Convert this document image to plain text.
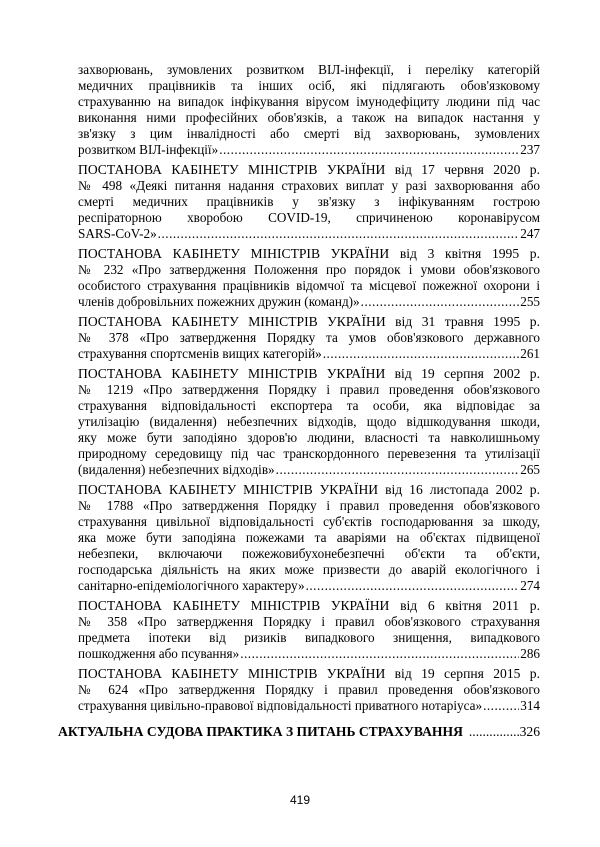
захворювань, зумовлених розвитком ВІЛ-інфекції, і переліку категорій
медичних працівників та інших осіб, які підлягають обов'язковому
страхуванню на випадок інфікування вірусом імунодефіциту людини під час
виконання ними професійних обов'язків, а також на випадок настання у
зв'язку з цим інвалідності або смерті від захворювань, зумовлених
розвитком ВІЛ-інфекції» .....	237
ПОСТАНОВА КАБІНЕТУ МІНІСТРІВ УКРАЇНИ від 17 червня 2020 р.
№ 498 «Деякі питання надання страхових виплат у разі захворювання або
смерті медичних працівників у зв'язку з інфікуванням гострою
респіраторною хворобою COVID-19, спричиненою коронавірусом
SARS-CoV-2» .....	247
ПОСТАНОВА КАБІНЕТУ МІНІСТРІВ УКРАЇНИ від 3 квітня 1995 р.
№ 232 «Про затвердження Положення про порядок і умови обов'язкового
особистого страхування працівників відомчої та місцевої пожежної охорони і
членів добровільних пожежних дружин (команд)» .....	255
ПОСТАНОВА КАБІНЕТУ МІНІСТРІВ УКРАЇНИ від 31 травня 1995 р.
№ 378 «Про затвердження Порядку та умов обов'язкового державного
страхування спортсменів вищих категорій» .....	261
ПОСТАНОВА КАБІНЕТУ МІНІСТРІВ УКРАЇНИ від 19 серпня 2002 р.
№ 1219 «Про затвердження Порядку і правил проведення обов'язкового
страхування відповідальності експортера та особи, яка відповідає за
утилізацію (видалення) небезпечних відходів, щодо відшкодування шкоди,
яку може бути заподіяно здоров'ю людини, власності та навколишньому
природному середовищу під час транскордонного перевезення та утилізації
(видалення) небезпечних відходів» .....	265
ПОСТАНОВА КАБІНЕТУ МІНІСТРІВ УКРАЇНИ від 16 листопада 2002 р.
№ 1788 «Про затвердження Порядку і правил проведення обов'язкового
страхування цивільної відповідальності суб'єктів господарювання за шкоду,
яка може бути заподіяна пожежами та аваріями на об'єктах підвищеної
небезпеки, включаючи пожежовибухонебезпечні об'єкти та об'єкти,
господарська діяльність на яких може призвести до аварій екологічного і
санітарно-епідеміологічного характеру» .....	274
ПОСТАНОВА КАБІНЕТУ МІНІСТРІВ УКРАЇНИ від 6 квітня 2011 р.
№ 358 «Про затвердження Порядку і правил обов'язкового страхування
предмета іпотеки від ризиків випадкового знищення, випадкового
пошкодження або псування» .....	286
ПОСТАНОВА КАБІНЕТУ МІНІСТРІВ УКРАЇНИ від 19 серпня 2015 р.
№ 624 «Про затвердження Порядку і правил проведення обов'язкового
страхування цивільно-правової відповідальності приватного нотаріуса» .....	314
АКТУАЛЬНА СУДОВА ПРАКТИКА З ПИТАНЬ СТРАХУВАННЯ .....	326
419
